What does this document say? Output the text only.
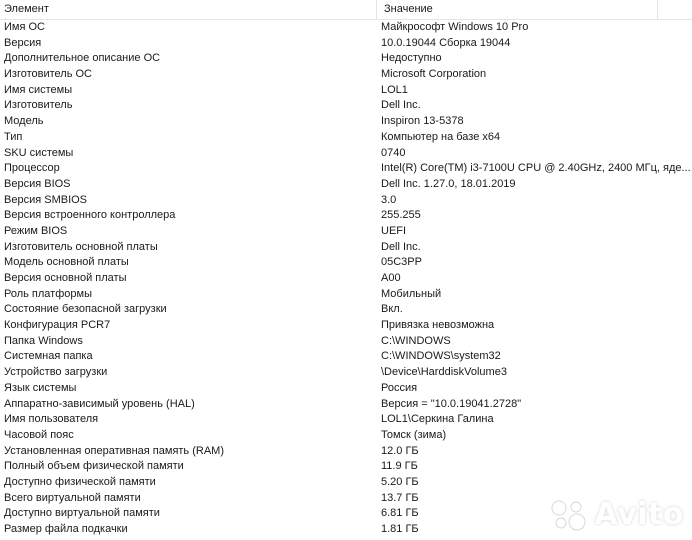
Элемент	Значение
Имя ОС	Майкрософт Windows 10 Pro
Версия	10.0.19044 Сборка 19044
Дополнительное описание ОС	Недоступно
Изготовитель ОС	Microsoft Corporation
Имя системы	LOL1
Изготовитель	Dell Inc.
Модель	Inspiron 13-5378
Тип	Компьютер на базе x64
SKU системы	0740
Процессор	Intel(R) Core(TM) i3-7100U CPU @ 2.40GHz, 2400 МГц, яде...
Версия BIOS	Dell Inc. 1.27.0, 18.01.2019
Версия SMBIOS	3.0
Версия встроенного контроллера	255.255
Режим BIOS	UEFI
Изготовитель основной платы	Dell Inc.
Модель основной платы	05C3PP
Версия основной платы	A00
Роль платформы	Мобильный
Состояние безопасной загрузки	Вкл.
Конфигурация PCR7	Привязка невозможна
Папка Windows	C:\WINDOWS
Системная папка	C:\WINDOWS\system32
Устройство загрузки	\Device\HarddiskVolume3
Язык системы	Россия
Аппаратно-зависимый уровень (HAL)	Версия = "10.0.19041.2728"
Имя пользователя	LOL1\Серкина Галина
Часовой пояс	Томск (зима)
Установленная оперативная память (RAM)	12.0 ГБ
Полный объем физической памяти	11.9 ГБ
Доступно физической памяти	5.20 ГБ
Всего виртуальной памяти	13.7 ГБ
Доступно виртуальной памяти	6.81 ГБ
Размер файла подкачки	1.81 ГБ	Avito
